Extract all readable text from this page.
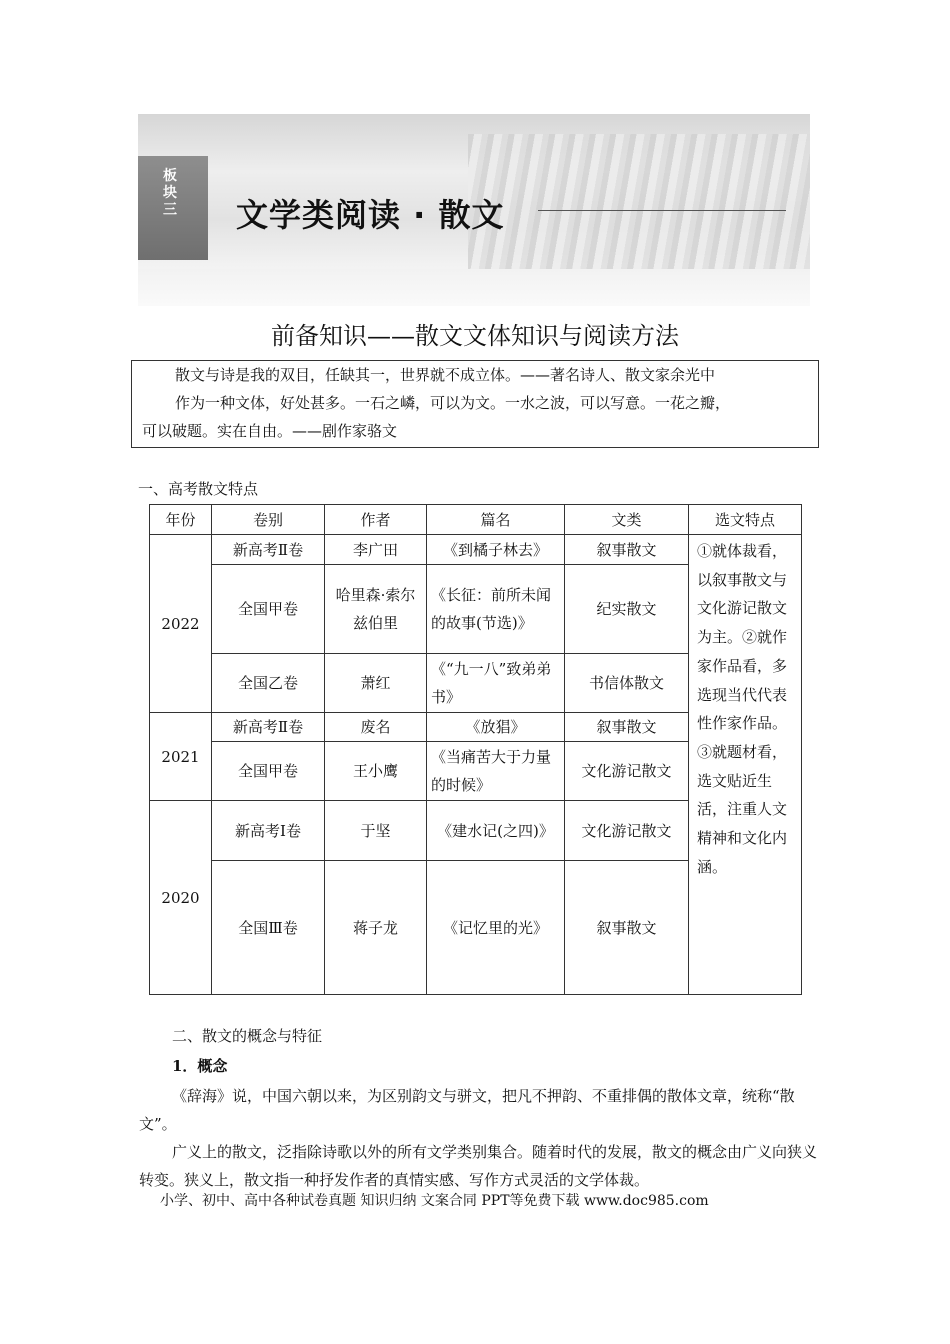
板块三 文学类阅读 · 散文
前备知识——散文文体知识与阅读方法

散文与诗是我的双目，任缺其一，世界就不成立体。——著名诗人、散文家余光中

作为一种文体，好处甚多。一石之嶙，可以为文。一水之波，可以写意。一花之瓣，

可以破题。实在自由。——剧作家骆文

一、高考散文特点
年份	卷别	作者	篇名	文类	选文特点
2022	新高考Ⅱ卷	李广田	《到橘子林去》	叙事散文	①就体裁看，以叙事散文与文化游记散文为主。②就作家作品看，多选现当代代表性作家作品。③就题材看，选文贴近生活，注重人文精神和文化内涵。
	全国甲卷	哈里森·索尔兹伯里	《长征：前所未闻的故事(节选)》	纪实散文	
	全国乙卷	萧红	《“九一八”致弟弟书》	书信体散文	
2021	新高考Ⅱ卷	废名	《放猖》	叙事散文	
	全国甲卷	王小鹰	《当痛苦大于力量的时候》	文化游记散文	
2020	新高考Ⅰ卷	于坚	《建水记(之四)》	文化游记散文	
	全国Ⅲ卷	蒋子龙	《记忆里的光》	叙事散文	
二、散文的概念与特征
1．概念
《辞海》说，中国六朝以来，为区别韵文与骈文，把凡不押韵、不重排偶的散体文章，统称“散文”。
广义上的散文，泛指除诗歌以外的所有文学类别集合。随着时代的发展，散文的概念由广义向狭义转变。狭义上，散文指一种抒发作者的真情实感、写作方式灵活的文学体裁。
小学、初中、高中各种试卷真题 知识归纳 文案合同 PPT等免费下载 www.doc985.com
